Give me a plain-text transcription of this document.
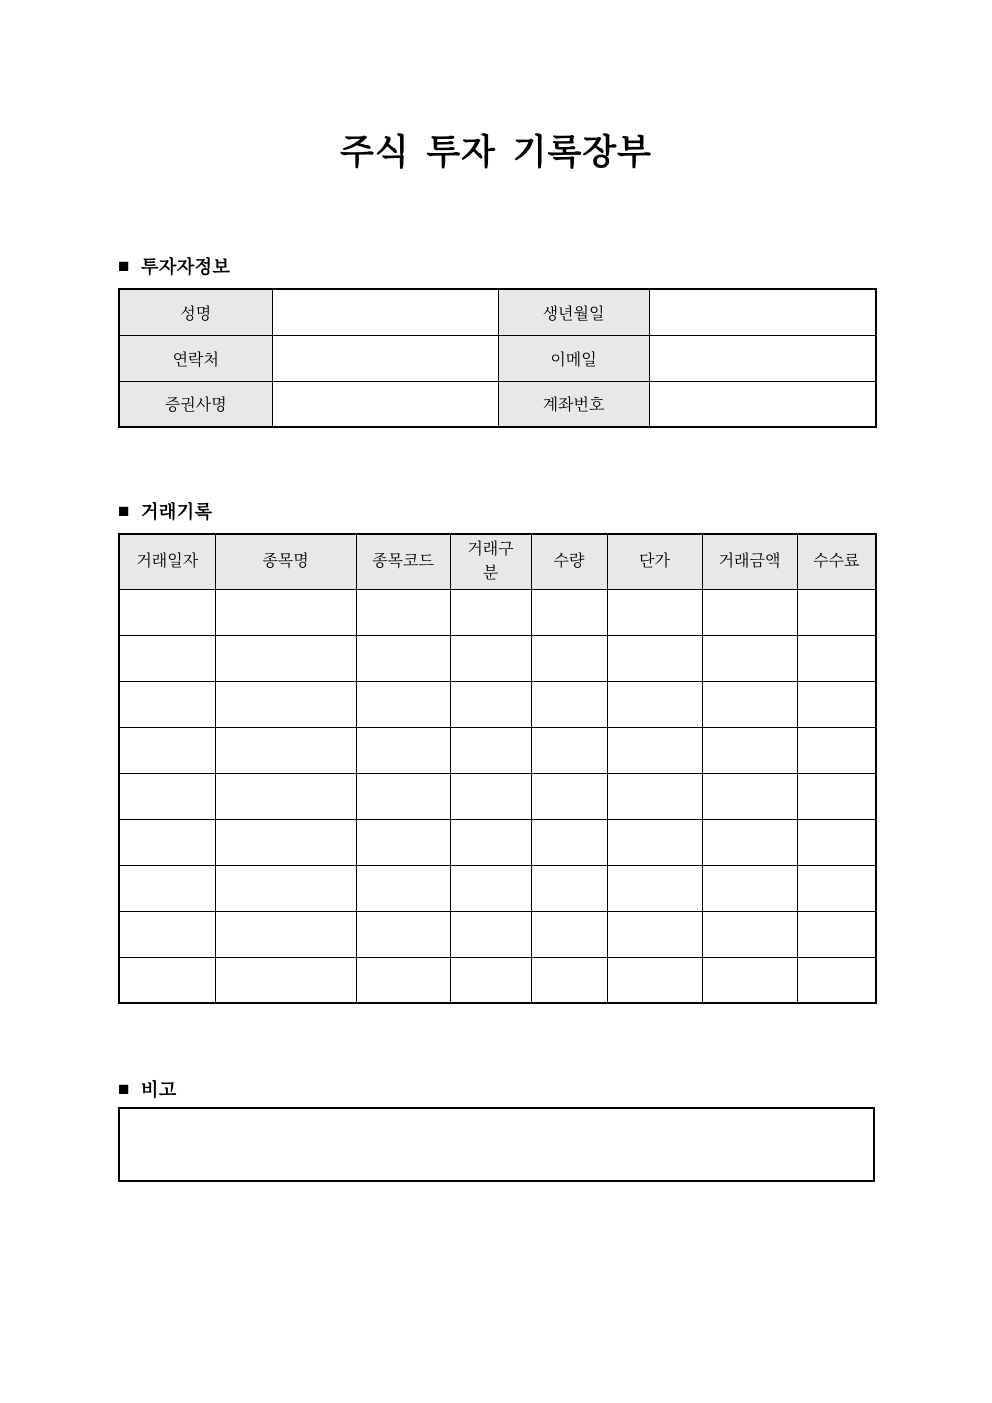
주식 투자 기록장부
■ 투자자정보
성명		생년월일	
연락처		이메일	
증권사명		계좌번호	
■ 거래기록
거래일자	종목명	종목코드	거래구분	수량	단가	거래금액	수수료

■ 비고
